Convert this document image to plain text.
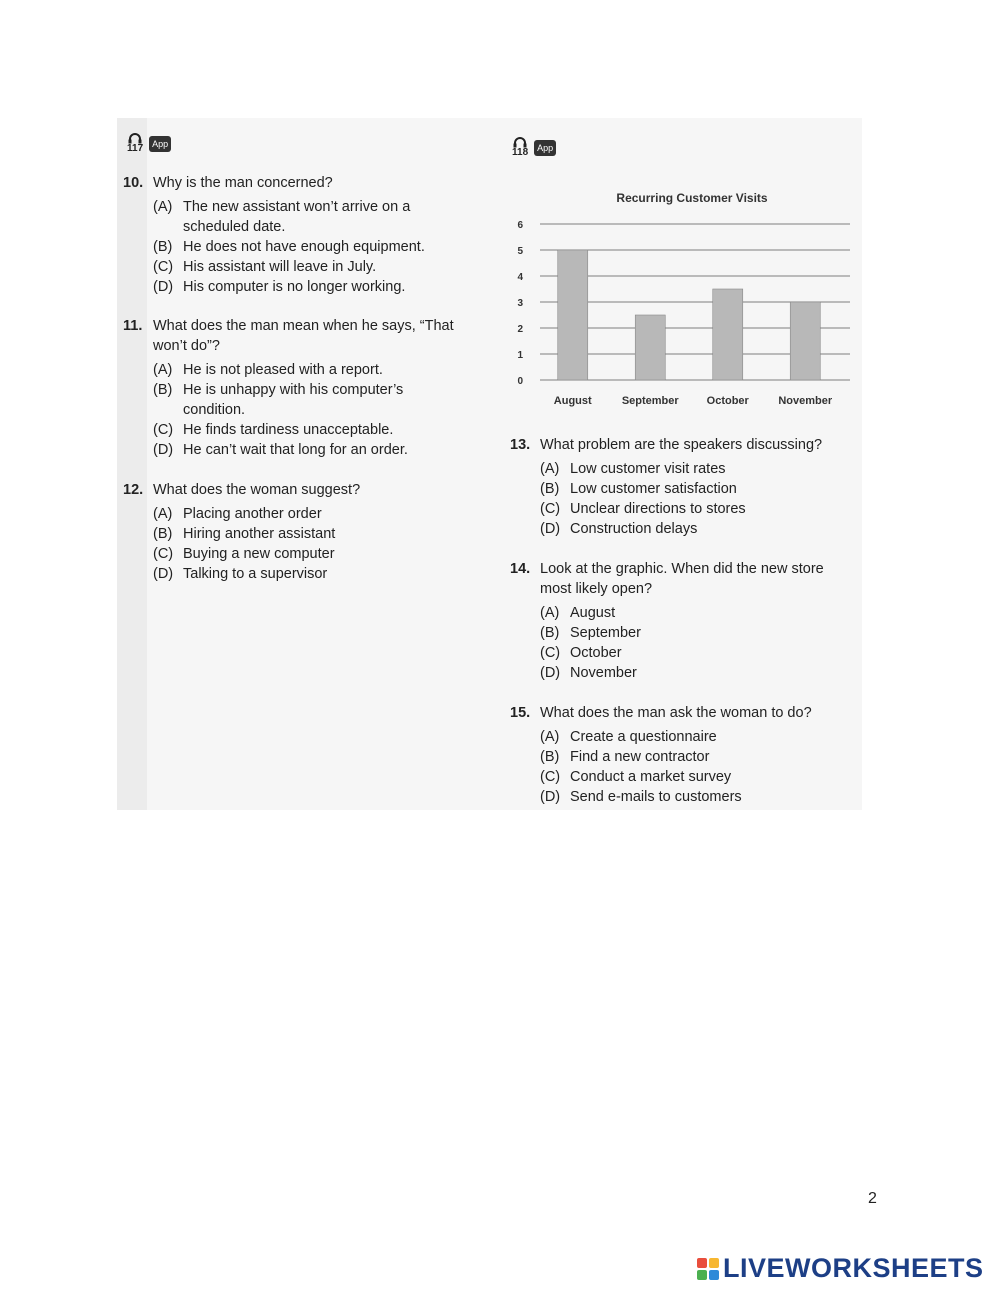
117	App
118	App
10. Why is the man concerned?
(A) The new assistant won’t arrive on a scheduled date.
(B) He does not have enough equipment.
(C) His assistant will leave in July.
(D) His computer is no longer working.
11. What does the man mean when he says, “That won’t do”?
(A) He is not pleased with a report.
(B) He is unhappy with his computer’s condition.
(C) He finds tardiness unacceptable.
(D) He can’t wait that long for an order.
12. What does the woman suggest?
(A) Placing another order
(B) Hiring another assistant
(C) Buying a new computer
(D) Talking to a supervisor
Recurring Customer Visits
0
1
2
3
4
5
6
August	September	October	November
13. What problem are the speakers discussing?
(A) Low customer visit rates
(B) Low customer satisfaction
(C) Unclear directions to stores
(D) Construction delays
14. Look at the graphic. When did the new store most likely open?
(A) August
(B) September
(C) October
(D) November
15. What does the man ask the woman to do?
(A) Create a questionnaire
(B) Find a new contractor
(C) Conduct a market survey
(D) Send e-mails to customers
2
LIVEWORKSHEETS
